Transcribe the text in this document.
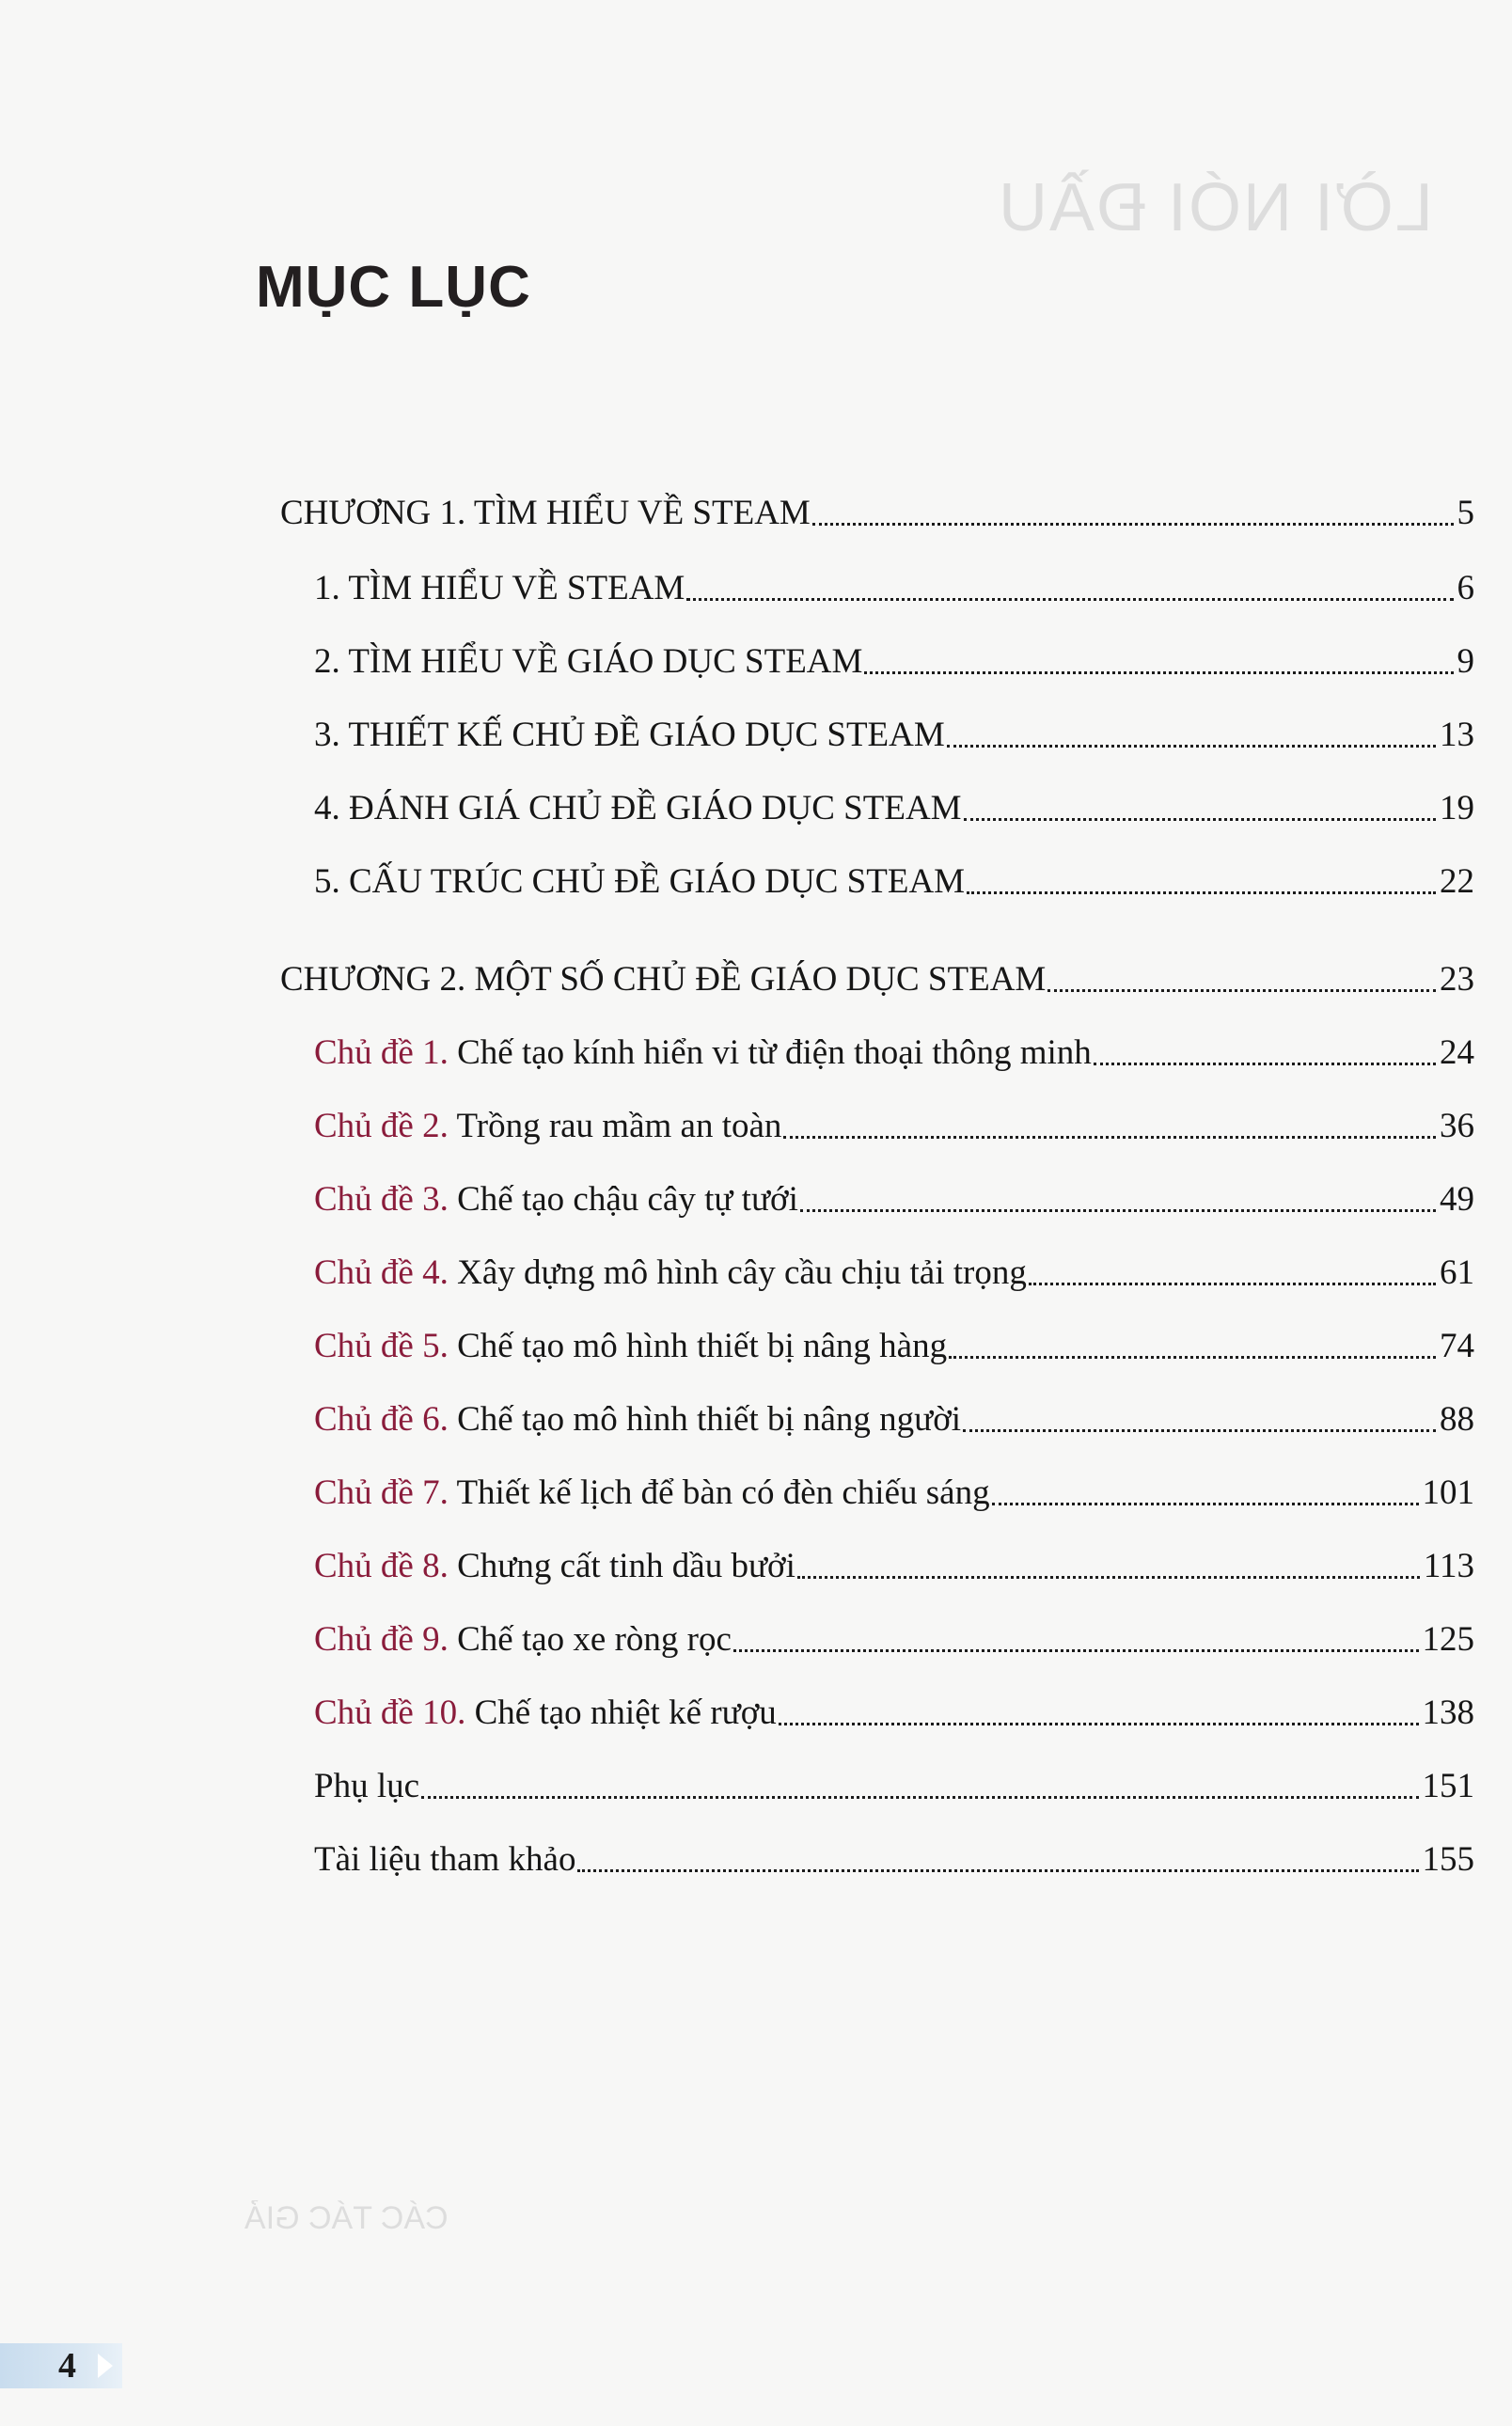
LỜI NÓI ĐẦU
CÁC TÁC GIẢ
MỤC LỤC
CHƯƠNG 1. TÌM HIỂU VỀ STEAM	5
1. TÌM HIỂU VỀ STEAM	6
2. TÌM HIỂU VỀ GIÁO DỤC STEAM	9
3. THIẾT KẾ CHỦ ĐỀ GIÁO DỤC STEAM	13
4. ĐÁNH GIÁ CHỦ ĐỀ GIÁO DỤC STEAM	19
5. CẤU TRÚC CHỦ ĐỀ GIÁO DỤC STEAM	22
CHƯƠNG 2. MỘT SỐ CHỦ ĐỀ GIÁO DỤC STEAM	23
Chủ đề 1. Chế tạo kính hiển vi từ điện thoại thông minh	24
Chủ đề 2. Trồng rau mầm an toàn	36
Chủ đề 3. Chế tạo chậu cây tự tưới	49
Chủ đề 4. Xây dựng mô hình cây cầu chịu tải trọng	61
Chủ đề 5. Chế tạo mô hình thiết bị nâng hàng	74
Chủ đề 6. Chế tạo mô hình thiết bị nâng người	88
Chủ đề 7. Thiết kế lịch để bàn có đèn chiếu sáng	101
Chủ đề 8. Chưng cất tinh dầu bưởi	113
Chủ đề 9. Chế tạo xe ròng rọc	125
Chủ đề 10. Chế tạo nhiệt kế rượu	138
Phụ lục	151
Tài liệu tham khảo	155
4
